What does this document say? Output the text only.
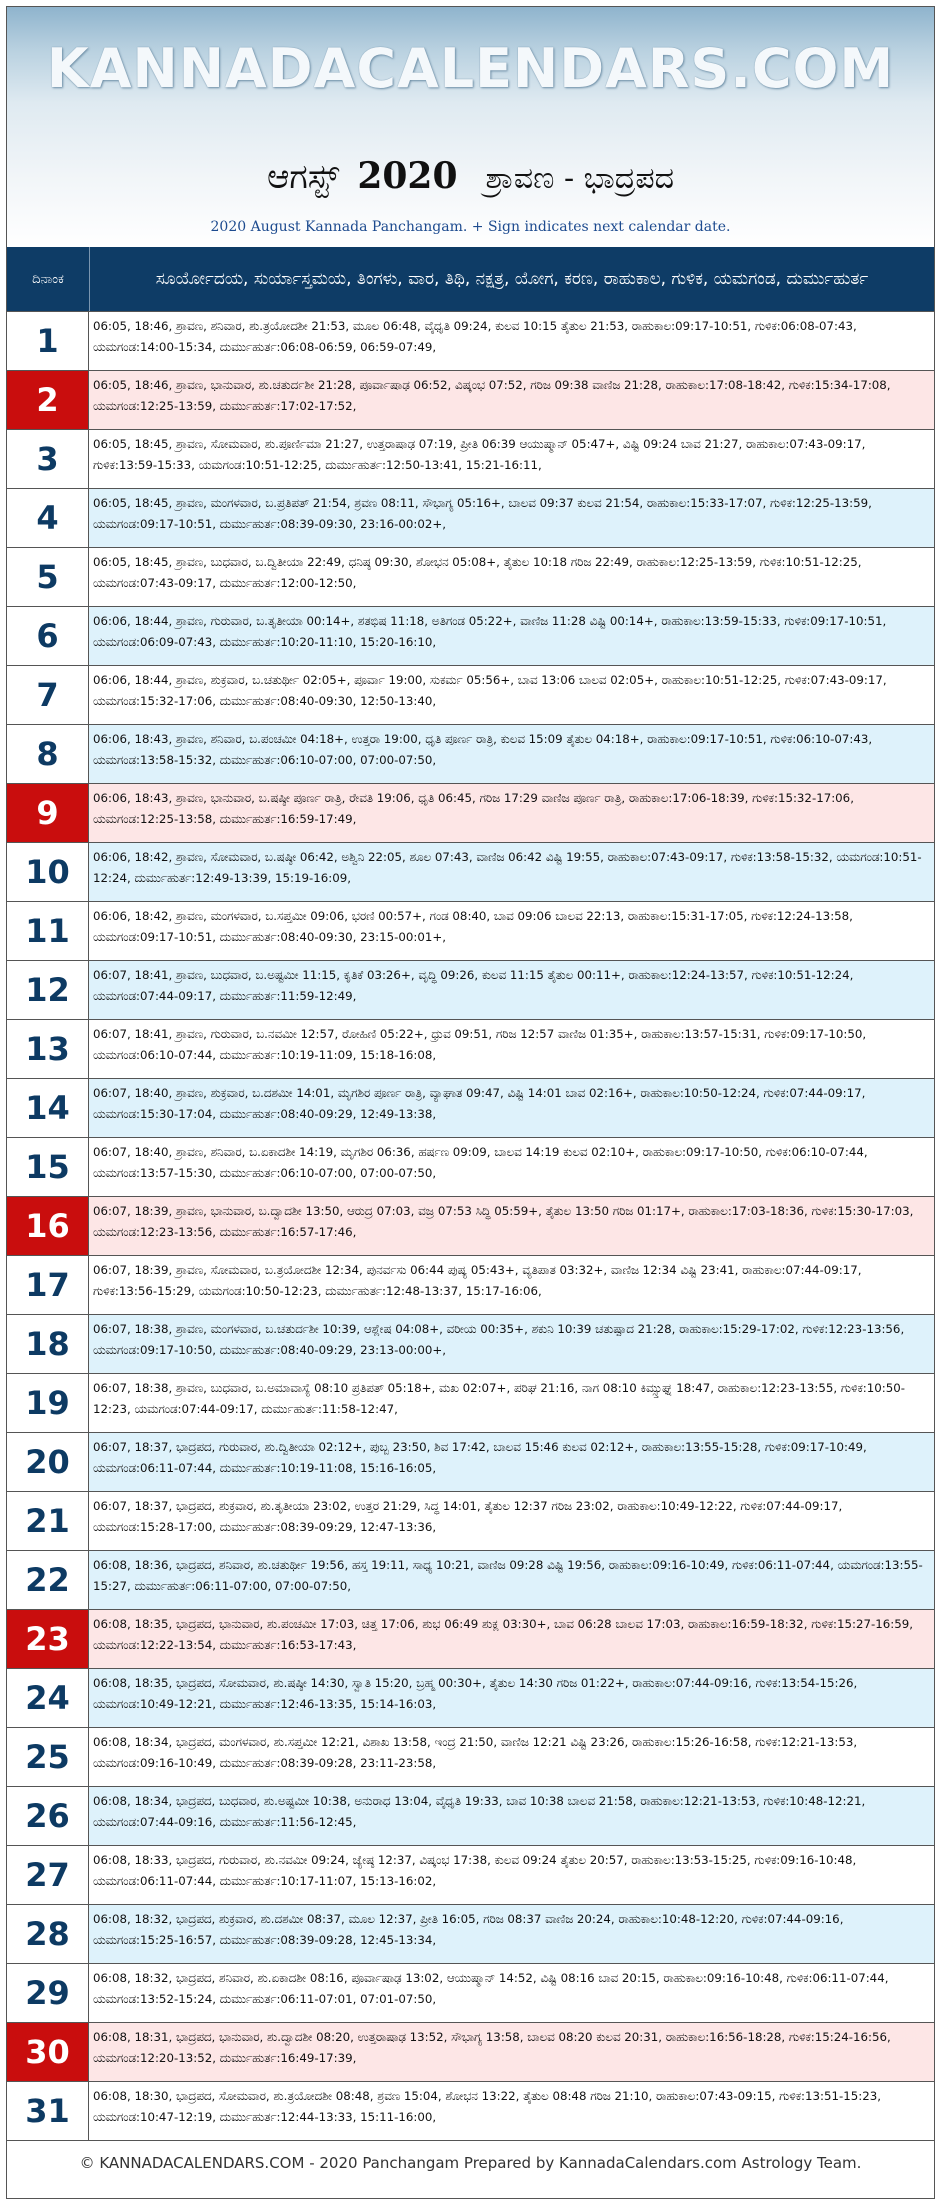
KANNADACALENDARS.COM
ಆಗಸ್ಟ್ 2020 ಶ್ರಾವಣ - ಭಾದ್ರಪದ
2020 August Kannada Panchangam. + Sign indicates next calendar date.
ದಿನಾಂಕ	ಸೂರ್ಯೋದಯ, ಸುರ್ಯಾಸ್ತಮಯ, ತಿಂಗಳು, ವಾರ, ತಿಥಿ, ನಕ್ಷತ್ರ, ಯೋಗ, ಕರಣ, ರಾಹುಕಾಲ, ಗುಳಿಕ, ಯಮಗಂಡ, ದುರ್ಮುಹುರ್ತ
1	06:05, 18:46, ಶ್ರಾವಣ, ಶನಿವಾರ, ಶು.ತ್ರಯೋದಶೀ 21:53, ಮೂಲ 06:48, ವೈಧೃತಿ 09:24, ಕುಲವ 10:15 ತೈತುಲ 21:53, ರಾಹುಕಾಲ:09:17-10:51, ಗುಳಿಕ:06:08-07:43, ಯಮಗಂಡ:14:00-15:34, ದುರ್ಮುಹುರ್ತ:06:08-06:59, 06:59-07:49,
2	06:05, 18:46, ಶ್ರಾವಣ, ಭಾನುವಾರ, ಶು.ಚತುರ್ದಶೀ 21:28, ಪೂರ್ವಾಷಾಢ 06:52, ವಿಷ್ಕಂಭ 07:52, ಗರಿಜ 09:38 ವಾಣಿಜ 21:28, ರಾಹುಕಾಲ:17:08-18:42, ಗುಳಿಕ:15:34-17:08, ಯಮಗಂಡ:12:25-13:59, ದುರ್ಮುಹುರ್ತ:17:02-17:52,
3	06:05, 18:45, ಶ್ರಾವಣ, ಸೋಮವಾರ, ಶು.ಪೂರ್ಣಿಮಾ 21:27, ಉತ್ತರಾಷಾಢ 07:19, ಪ್ರೀತಿ 06:39 ಆಯುಷ್ಮಾನ್ 05:47+, ವಿಷ್ಟಿ 09:24 ಬಾವ 21:27, ರಾಹುಕಾಲ:07:43-09:17, ಗುಳಿಕ:13:59-15:33, ಯಮಗಂಡ:10:51-12:25, ದುರ್ಮುಹುರ್ತ:12:50-13:41, 15:21-16:11,
4	06:05, 18:45, ಶ್ರಾವಣ, ಮಂಗಳವಾರ, ಬ.ಪ್ರತಿಪತ್ 21:54, ಶ್ರವಣ 08:11, ಸೌಭಾಗ್ಯ 05:16+, ಬಾಲವ 09:37 ಕುಲವ 21:54, ರಾಹುಕಾಲ:15:33-17:07, ಗುಳಿಕ:12:25-13:59, ಯಮಗಂಡ:09:17-10:51, ದುರ್ಮುಹುರ್ತ:08:39-09:30, 23:16-00:02+,
5	06:05, 18:45, ಶ್ರಾವಣ, ಬುಧವಾರ, ಬ.ದ್ವಿತೀಯಾ 22:49, ಧನಿಷ್ಠ 09:30, ಶೋಭನ 05:08+, ತೈತುಲ 10:18 ಗರಿಜ 22:49, ರಾಹುಕಾಲ:12:25-13:59, ಗುಳಿಕ:10:51-12:25, ಯಮಗಂಡ:07:43-09:17, ದುರ್ಮುಹುರ್ತ:12:00-12:50,
6	06:06, 18:44, ಶ್ರಾವಣ, ಗುರುವಾರ, ಬ.ತೃತೀಯಾ 00:14+, ಶತಭಿಷ 11:18, ಅತಿಗಂಡ 05:22+, ವಾಣಿಜ 11:28 ವಿಷ್ಟಿ 00:14+, ರಾಹುಕಾಲ:13:59-15:33, ಗುಳಿಕ:09:17-10:51, ಯಮಗಂಡ:06:09-07:43, ದುರ್ಮುಹುರ್ತ:10:20-11:10, 15:20-16:10,
7	06:06, 18:44, ಶ್ರಾವಣ, ಶುಕ್ರವಾರ, ಬ.ಚತುರ್ಥೀ 02:05+, ಪೂರ್ವಾ 19:00, ಸುಕರ್ಮ 05:56+, ಬಾವ 13:06 ಬಾಲವ 02:05+, ರಾಹುಕಾಲ:10:51-12:25, ಗುಳಿಕ:07:43-09:17, ಯಮಗಂಡ:15:32-17:06, ದುರ್ಮುಹುರ್ತ:08:40-09:30, 12:50-13:40,
8	06:06, 18:43, ಶ್ರಾವಣ, ಶನಿವಾರ, ಬ.ಪಂಚಮೀ 04:18+, ಉತ್ತರಾ 19:00, ಧೃತಿ ಪೂರ್ಣ ರಾತ್ರಿ, ಕುಲವ 15:09 ತೈತುಲ 04:18+, ರಾಹುಕಾಲ:09:17-10:51, ಗುಳಿಕ:06:10-07:43, ಯಮಗಂಡ:13:58-15:32, ದುರ್ಮುಹುರ್ತ:06:10-07:00, 07:00-07:50,
9	06:06, 18:43, ಶ್ರಾವಣ, ಭಾನುವಾರ, ಬ.ಷಷ್ಠೀ ಪೂರ್ಣ ರಾತ್ರಿ, ರೇವತಿ 19:06, ಧೃತಿ 06:45, ಗರಿಜ 17:29 ವಾಣಿಜ ಪೂರ್ಣ ರಾತ್ರಿ, ರಾಹುಕಾಲ:17:06-18:39, ಗುಳಿಕ:15:32-17:06, ಯಮಗಂಡ:12:25-13:58, ದುರ್ಮುಹುರ್ತ:16:59-17:49,
10	06:06, 18:42, ಶ್ರಾವಣ, ಸೋಮವಾರ, ಬ.ಷಷ್ಠೀ 06:42, ಅಶ್ವಿನಿ 22:05, ಶೂಲ 07:43, ವಾಣಿಜ 06:42 ವಿಷ್ಟಿ 19:55, ರಾಹುಕಾಲ:07:43-09:17, ಗುಳಿಕ:13:58-15:32, ಯಮಗಂಡ:10:51-12:24, ದುರ್ಮುಹುರ್ತ:12:49-13:39, 15:19-16:09,
11	06:06, 18:42, ಶ್ರಾವಣ, ಮಂಗಳವಾರ, ಬ.ಸಪ್ತಮೀ 09:06, ಭರಣಿ 00:57+, ಗಂಡ 08:40, ಬಾವ 09:06 ಬಾಲವ 22:13, ರಾಹುಕಾಲ:15:31-17:05, ಗುಳಿಕ:12:24-13:58, ಯಮಗಂಡ:09:17-10:51, ದುರ್ಮುಹುರ್ತ:08:40-09:30, 23:15-00:01+,
12	06:07, 18:41, ಶ್ರಾವಣ, ಬುಧವಾರ, ಬ.ಅಷ್ಟಮೀ 11:15, ಕೃತಿಕೆ 03:26+, ವೃದ್ಧಿ 09:26, ಕುಲವ 11:15 ತೈತುಲ 00:11+, ರಾಹುಕಾಲ:12:24-13:57, ಗುಳಿಕ:10:51-12:24, ಯಮಗಂಡ:07:44-09:17, ದುರ್ಮುಹುರ್ತ:11:59-12:49,
13	06:07, 18:41, ಶ್ರಾವಣ, ಗುರುವಾರ, ಬ.ನವಮೀ 12:57, ರೋಹಿಣಿ 05:22+, ಧ್ರುವ 09:51, ಗರಿಜ 12:57 ವಾಣಿಜ 01:35+, ರಾಹುಕಾಲ:13:57-15:31, ಗುಳಿಕ:09:17-10:50, ಯಮಗಂಡ:06:10-07:44, ದುರ್ಮುಹುರ್ತ:10:19-11:09, 15:18-16:08,
14	06:07, 18:40, ಶ್ರಾವಣ, ಶುಕ್ರವಾರ, ಬ.ದಶಮೀ 14:01, ಮೃಗಶಿರ ಪೂರ್ಣ ರಾತ್ರಿ, ವ್ಯಾಘಾತ 09:47, ವಿಷ್ಟಿ 14:01 ಬಾವ 02:16+, ರಾಹುಕಾಲ:10:50-12:24, ಗುಳಿಕ:07:44-09:17, ಯಮಗಂಡ:15:30-17:04, ದುರ್ಮುಹುರ್ತ:08:40-09:29, 12:49-13:38,
15	06:07, 18:40, ಶ್ರಾವಣ, ಶನಿವಾರ, ಬ.ಏಕಾದಶೀ 14:19, ಮೃಗಶಿರ 06:36, ಹರ್ಷಣ 09:09, ಬಾಲವ 14:19 ಕುಲವ 02:10+, ರಾಹುಕಾಲ:09:17-10:50, ಗುಳಿಕ:06:10-07:44, ಯಮಗಂಡ:13:57-15:30, ದುರ್ಮುಹುರ್ತ:06:10-07:00, 07:00-07:50,
16	06:07, 18:39, ಶ್ರಾವಣ, ಭಾನುವಾರ, ಬ.ದ್ವಾದಶೀ 13:50, ಆರುದ್ರ 07:03, ವಜ್ರ 07:53 ಸಿದ್ಧಿ 05:59+, ತೈತುಲ 13:50 ಗರಿಜ 01:17+, ರಾಹುಕಾಲ:17:03-18:36, ಗುಳಿಕ:15:30-17:03, ಯಮಗಂಡ:12:23-13:56, ದುರ್ಮುಹುರ್ತ:16:57-17:46,
17	06:07, 18:39, ಶ್ರಾವಣ, ಸೋಮವಾರ, ಬ.ತ್ರಯೋದಶೀ 12:34, ಪುನರ್ವಸು 06:44 ಪುಷ್ಯ 05:43+, ವ್ಯತಿಪಾತ 03:32+, ವಾಣಿಜ 12:34 ವಿಷ್ಟಿ 23:41, ರಾಹುಕಾಲ:07:44-09:17, ಗುಳಿಕ:13:56-15:29, ಯಮಗಂಡ:10:50-12:23, ದುರ್ಮುಹುರ್ತ:12:48-13:37, 15:17-16:06,
18	06:07, 18:38, ಶ್ರಾವಣ, ಮಂಗಳವಾರ, ಬ.ಚತುರ್ದಶೀ 10:39, ಆಶ್ಲೇಷ 04:08+, ವರೀಯ 00:35+, ಶಕುನಿ 10:39 ಚತುಷ್ಪಾದ 21:28, ರಾಹುಕಾಲ:15:29-17:02, ಗುಳಿಕ:12:23-13:56, ಯಮಗಂಡ:09:17-10:50, ದುರ್ಮುಹುರ್ತ:08:40-09:29, 23:13-00:00+,
19	06:07, 18:38, ಶ್ರಾವಣ, ಬುಧವಾರ, ಬ.ಅಮಾವಾಸ್ಯೆ 08:10 ಪ್ರತಿಪತ್ 05:18+, ಮಖ 02:07+, ಪರಿಘ 21:16, ನಾಗ 08:10 ಕಿಮ್ಸ್ತುಘ್ನ 18:47, ರಾಹುಕಾಲ:12:23-13:55, ಗುಳಿಕ:10:50-12:23, ಯಮಗಂಡ:07:44-09:17, ದುರ್ಮುಹುರ್ತ:11:58-12:47,
20	06:07, 18:37, ಭಾದ್ರಪದ, ಗುರುವಾರ, ಶು.ದ್ವಿತೀಯಾ 02:12+, ಪುಬ್ಬ 23:50, ಶಿವ 17:42, ಬಾಲವ 15:46 ಕುಲವ 02:12+, ರಾಹುಕಾಲ:13:55-15:28, ಗುಳಿಕ:09:17-10:49, ಯಮಗಂಡ:06:11-07:44, ದುರ್ಮುಹುರ್ತ:10:19-11:08, 15:16-16:05,
21	06:07, 18:37, ಭಾದ್ರಪದ, ಶುಕ್ರವಾರ, ಶು.ತೃತೀಯಾ 23:02, ಉತ್ತರ 21:29, ಸಿದ್ಧ 14:01, ತೈತುಲ 12:37 ಗರಿಜ 23:02, ರಾಹುಕಾಲ:10:49-12:22, ಗುಳಿಕ:07:44-09:17, ಯಮಗಂಡ:15:28-17:00, ದುರ್ಮುಹುರ್ತ:08:39-09:29, 12:47-13:36,
22	06:08, 18:36, ಭಾದ್ರಪದ, ಶನಿವಾರ, ಶು.ಚತುರ್ಥೀ 19:56, ಹಸ್ತ 19:11, ಸಾಧ್ಯ 10:21, ವಾಣಿಜ 09:28 ವಿಷ್ಟಿ 19:56, ರಾಹುಕಾಲ:09:16-10:49, ಗುಳಿಕ:06:11-07:44, ಯಮಗಂಡ:13:55-15:27, ದುರ್ಮುಹುರ್ತ:06:11-07:00, 07:00-07:50,
23	06:08, 18:35, ಭಾದ್ರಪದ, ಭಾನುವಾರ, ಶು.ಪಂಚಮೀ 17:03, ಚಿತ್ತ 17:06, ಶುಭ 06:49 ಶುಕ್ಲ 03:30+, ಬಾವ 06:28 ಬಾಲವ 17:03, ರಾಹುಕಾಲ:16:59-18:32, ಗುಳಿಕ:15:27-16:59, ಯಮಗಂಡ:12:22-13:54, ದುರ್ಮುಹುರ್ತ:16:53-17:43,
24	06:08, 18:35, ಭಾದ್ರಪದ, ಸೋಮವಾರ, ಶು.ಷಷ್ಠೀ 14:30, ಸ್ವಾತಿ 15:20, ಬ್ರಹ್ಮ 00:30+, ತೈತುಲ 14:30 ಗರಿಜ 01:22+, ರಾಹುಕಾಲ:07:44-09:16, ಗುಳಿಕ:13:54-15:26, ಯಮಗಂಡ:10:49-12:21, ದುರ್ಮುಹುರ್ತ:12:46-13:35, 15:14-16:03,
25	06:08, 18:34, ಭಾದ್ರಪದ, ಮಂಗಳವಾರ, ಶು.ಸಪ್ತಮೀ 12:21, ವಿಶಾಖ 13:58, ಇಂದ್ರ 21:50, ವಾಣಿಜ 12:21 ವಿಷ್ಟಿ 23:26, ರಾಹುಕಾಲ:15:26-16:58, ಗುಳಿಕ:12:21-13:53, ಯಮಗಂಡ:09:16-10:49, ದುರ್ಮುಹುರ್ತ:08:39-09:28, 23:11-23:58,
26	06:08, 18:34, ಭಾದ್ರಪದ, ಬುಧವಾರ, ಶು.ಅಷ್ಟಮೀ 10:38, ಅನುರಾಧ 13:04, ವೈಧೃತಿ 19:33, ಬಾವ 10:38 ಬಾಲವ 21:58, ರಾಹುಕಾಲ:12:21-13:53, ಗುಳಿಕ:10:48-12:21, ಯಮಗಂಡ:07:44-09:16, ದುರ್ಮುಹುರ್ತ:11:56-12:45,
27	06:08, 18:33, ಭಾದ್ರಪದ, ಗುರುವಾರ, ಶು.ನವಮೀ 09:24, ಜ್ಯೇಷ್ಠ 12:37, ವಿಷ್ಕಂಭ 17:38, ಕುಲವ 09:24 ತೈತುಲ 20:57, ರಾಹುಕಾಲ:13:53-15:25, ಗುಳಿಕ:09:16-10:48, ಯಮಗಂಡ:06:11-07:44, ದುರ್ಮುಹುರ್ತ:10:17-11:07, 15:13-16:02,
28	06:08, 18:32, ಭಾದ್ರಪದ, ಶುಕ್ರವಾರ, ಶು.ದಶಮೀ 08:37, ಮೂಲ 12:37, ಪ್ರೀತಿ 16:05, ಗರಿಜ 08:37 ವಾಣಿಜ 20:24, ರಾಹುಕಾಲ:10:48-12:20, ಗುಳಿಕ:07:44-09:16, ಯಮಗಂಡ:15:25-16:57, ದುರ್ಮುಹುರ್ತ:08:39-09:28, 12:45-13:34,
29	06:08, 18:32, ಭಾದ್ರಪದ, ಶನಿವಾರ, ಶು.ಏಕಾದಶೀ 08:16, ಪೂರ್ವಾಷಾಢ 13:02, ಆಯುಷ್ಮಾನ್ 14:52, ವಿಷ್ಟಿ 08:16 ಬಾವ 20:15, ರಾಹುಕಾಲ:09:16-10:48, ಗುಳಿಕ:06:11-07:44, ಯಮಗಂಡ:13:52-15:24, ದುರ್ಮುಹುರ್ತ:06:11-07:01, 07:01-07:50,
30	06:08, 18:31, ಭಾದ್ರಪದ, ಭಾನುವಾರ, ಶು.ದ್ವಾದಶೀ 08:20, ಉತ್ತರಾಷಾಢ 13:52, ಸೌಭಾಗ್ಯ 13:58, ಬಾಲವ 08:20 ಕುಲವ 20:31, ರಾಹುಕಾಲ:16:56-18:28, ಗುಳಿಕ:15:24-16:56, ಯಮಗಂಡ:12:20-13:52, ದುರ್ಮುಹುರ್ತ:16:49-17:39,
31	06:08, 18:30, ಭಾದ್ರಪದ, ಸೋಮವಾರ, ಶು.ತ್ರಯೋದಶೀ 08:48, ಶ್ರವಣ 15:04, ಶೋಭನ 13:22, ತೈತುಲ 08:48 ಗರಿಜ 21:10, ರಾಹುಕಾಲ:07:43-09:15, ಗುಳಿಕ:13:51-15:23, ಯಮಗಂಡ:10:47-12:19, ದುರ್ಮುಹುರ್ತ:12:44-13:33, 15:11-16:00,
© KANNADACALENDARS.COM - 2020 Panchangam Prepared by KannadaCalendars.com Astrology Team.
